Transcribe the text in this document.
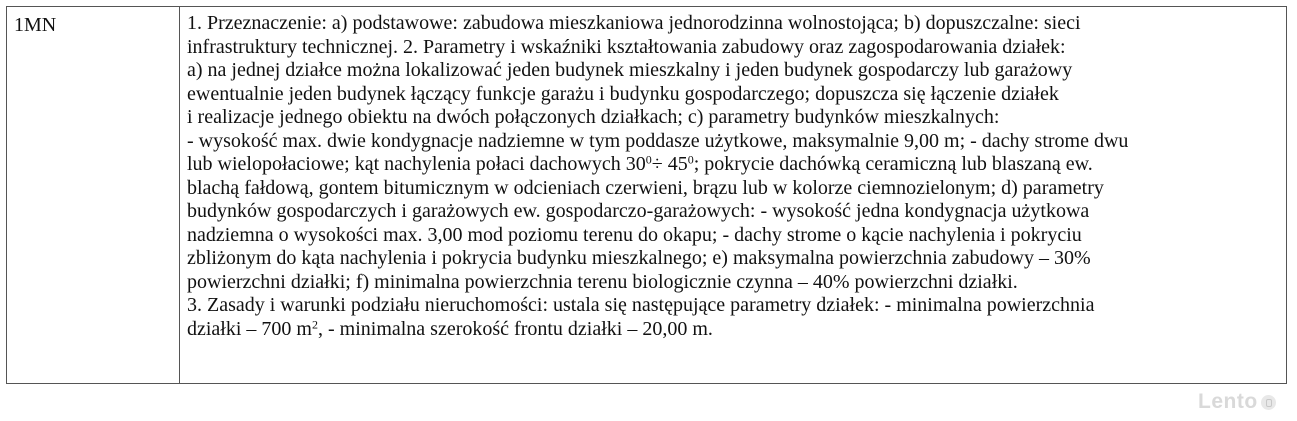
1MN	1. Przeznaczenie: a) podstawowe: zabudowa mieszkaniowa jednorodzinna wolnostojąca; b) dopuszczalne: sieci
infrastruktury technicznej. 2. Parametry i wskaźniki kształtowania zabudowy oraz zagospodarowania działek:
a) na jednej działce można lokalizować jeden budynek mieszkalny i jeden budynek gospodarczy lub garażowy
ewentualnie jeden budynek łączący funkcje garażu i budynku gospodarczego; dopuszcza się łączenie działek
i realizacje jednego obiektu na dwóch połączonych działkach; c) parametry budynków mieszkalnych:
- wysokość max. dwie kondygnacje nadziemne w tym poddasze użytkowe, maksymalnie 9,00 m; - dachy strome dwu
lub wielopołaciowe; kąt nachylenia połaci dachowych $30^0\div 45^0$; pokrycie dachówką ceramiczną lub blaszaną ew.
blachą fałdową, gontem bitumicznym w odcieniach czerwieni, brązu lub w kolorze ciemnozielonym; d) parametry
budynków gospodarczych i garażowych ew. gospodarczo-garażowych: - wysokość jedna kondygnacja użytkowa
nadziemna o wysokości max. 3,00 mod poziomu terenu do okapu; - dachy strome o kącie nachylenia i pokryciu
zbliżonym do kąta nachylenia i pokrycia budynku mieszkalnego; e) maksymalna powierzchnia zabudowy – 30%
powierzchni działki; f) minimalna powierzchnia terenu biologicznie czynna – 40% powierzchni działki.
3. Zasady i warunki podziału nieruchomości: ustala się następujące parametry działek: - minimalna powierzchnia
działki – 700 $m^2$, - minimalna szerokość frontu działki – 20,00 m.
Lento
